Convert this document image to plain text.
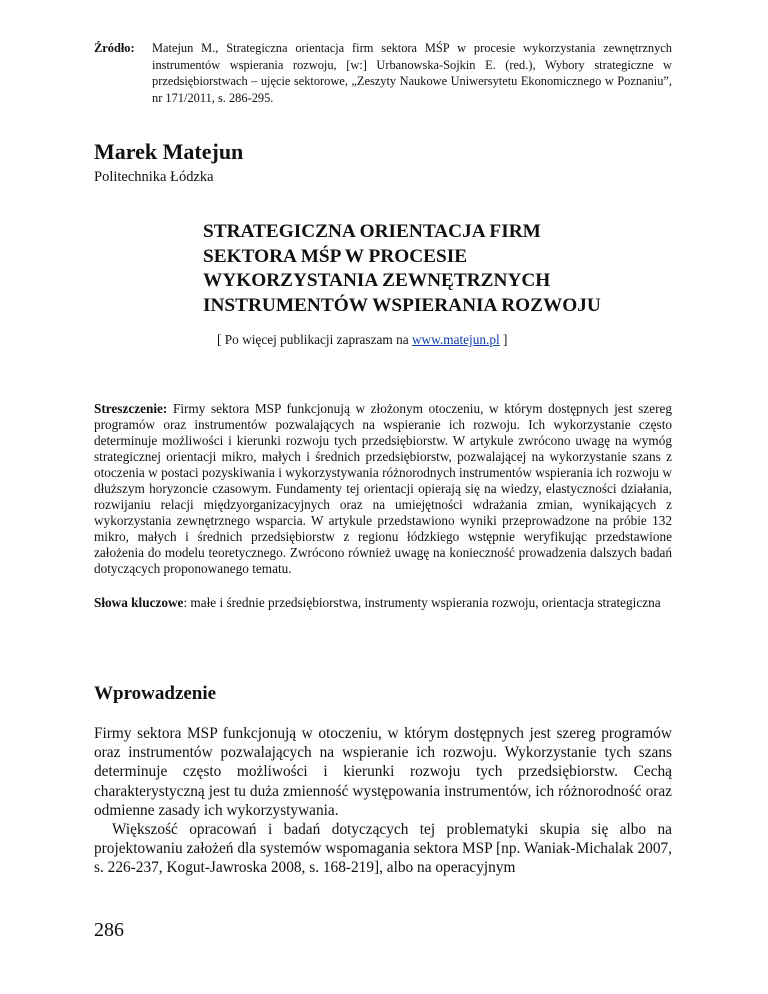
Źródło: Matejun M., Strategiczna orientacja firm sektora MŚP w procesie wykorzystania zewnętrznych instrumentów wspierania rozwoju, [w:] Urbanowska-Sojkin E. (red.), Wybory strategiczne w przedsiębiorstwach – ujęcie sektorowe, „Zeszyty Naukowe Uniwersytetu Ekonomicznego w Poznaniu”, nr 171/2011, s. 286-295.
Marek Matejun
Politechnika Łódzka
STRATEGICZNA ORIENTACJA FIRM
SEKTORA MŚP W PROCESIE
WYKORZYSTANIA ZEWNĘTRZNYCH
INSTRUMENTÓW WSPIERANIA ROZWOJU
[ Po więcej publikacji zapraszam na www.matejun.pl ]
Streszczenie: Firmy sektora MSP funkcjonują w złożonym otoczeniu, w którym dostępnych jest szereg programów oraz instrumentów pozwalających na wspieranie ich rozwoju. Ich wykorzystanie często determinuje możliwości i kierunki rozwoju tych przedsiębiorstw. W artykule zwrócono uwagę na wymóg strategicznej orientacji mikro, małych i średnich przedsiębiorstw, pozwalającej na wykorzystanie szans z otoczenia w postaci pozyskiwania i wykorzystywania różnorodnych instrumentów wspierania ich rozwoju w dłuższym horyzoncie czasowym. Fundamenty tej orientacji opierają się na wiedzy, elastyczności działania, rozwijaniu relacji międzyorganizacyjnych oraz na umiejętności wdrażania zmian, wynikających z wykorzystania zewnętrznego wsparcia. W artykule przedstawiono wyniki przeprowadzone na próbie 132 mikro, małych i średnich przedsiębiorstw z regionu łódzkiego wstępnie weryfikując przedstawione założenia do modelu teoretycznego. Zwrócono również uwagę na konieczność prowadzenia dalszych badań dotyczących proponowanego tematu.
Słowa kluczowe: małe i średnie przedsiębiorstwa, instrumenty wspierania rozwoju, orientacja strategiczna
Wprowadzenie

Firmy sektora MSP funkcjonują w otoczeniu, w którym dostępnych jest szereg programów oraz instrumentów pozwalających na wspieranie ich rozwoju. Wykorzystanie tych szans determinuje często możliwości i kierunki rozwoju tych przedsiębiorstw. Cechą charakterystyczną jest tu duża zmienność występowania instrumentów, ich różnorodność oraz odmienne zasady ich wykorzystywania.

Większość opracowań i badań dotyczących tej problematyki skupia się albo na projektowaniu założeń dla systemów wspomagania sektora MSP [np. Waniak-Michalak 2007, s. 226-237, Kogut-Jawroska 2008, s. 168-219], albo na operacyjnym

286
